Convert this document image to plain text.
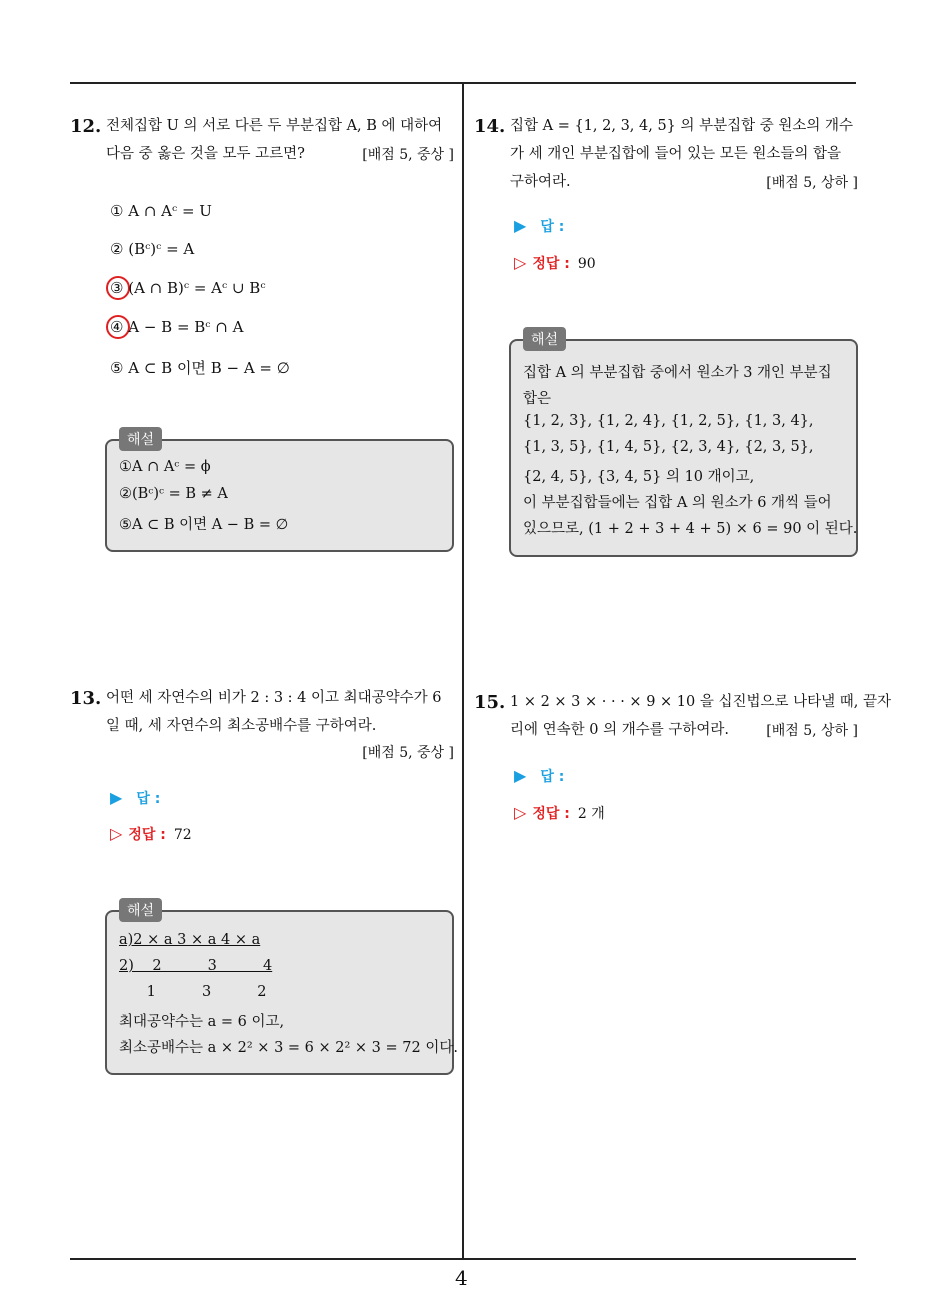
12. 전체집합 U 의 서로 다른 두 부분집합 A, B 에 대하여
다음 중 옳은 것을 모두 고르면?	[배점 5, 중상 ]
① A ∩ Aᶜ = U
② (Bᶜ)ᶜ = A
③ (A ∩ B)ᶜ = Aᶜ ∪ Bᶜ
④ A − B = Bᶜ ∩ A
⑤ A ⊂ B 이면 B − A = ∅
해설
①A ∩ Aᶜ = ϕ
②(Bᶜ)ᶜ = B ≠ A
⑤A ⊂ B 이면 A − B = ∅
13. 어떤 세 자연수의 비가 2 : 3 : 4 이고 최대공약수가 6
일 때, 세 자연수의 최소공배수를 구하여라.
[배점 5, 중상 ]
▶ 답 :
▷ 정답 : 72
해설
a)2 × a 3 × a 4 × a
2)    2          3          4
1          3          2
최대공약수는 a = 6 이고,
최소공배수는 a × 2² × 3 = 6 × 2² × 3 = 72 이다.
14. 집합 A = {1, 2, 3, 4, 5} 의 부분집합 중 원소의 개수
가 세 개인 부분집합에 들어 있는 모든 원소들의 합을
구하여라.	[배점 5, 상하 ]
▶ 답 :
▷ 정답 : 90
해설
집합 A 의 부분집합 중에서 원소가 3 개인 부분집
합은
{1, 2, 3}, {1, 2, 4}, {1, 2, 5}, {1, 3, 4},
{1, 3, 5}, {1, 4, 5}, {2, 3, 4}, {2, 3, 5},
{2, 4, 5}, {3, 4, 5} 의 10 개이고,
이 부분집합들에는 집합 A 의 원소가 6 개씩 들어
있으므로, (1 + 2 + 3 + 4 + 5) × 6 = 90 이 된다.
15. 1 × 2 × 3 × · · · × 9 × 10 을 십진법으로 나타낼 때, 끝자
리에 연속한 0 의 개수를 구하여라.	[배점 5, 상하 ]
▶ 답 :
▷ 정답 : 2 개
4
